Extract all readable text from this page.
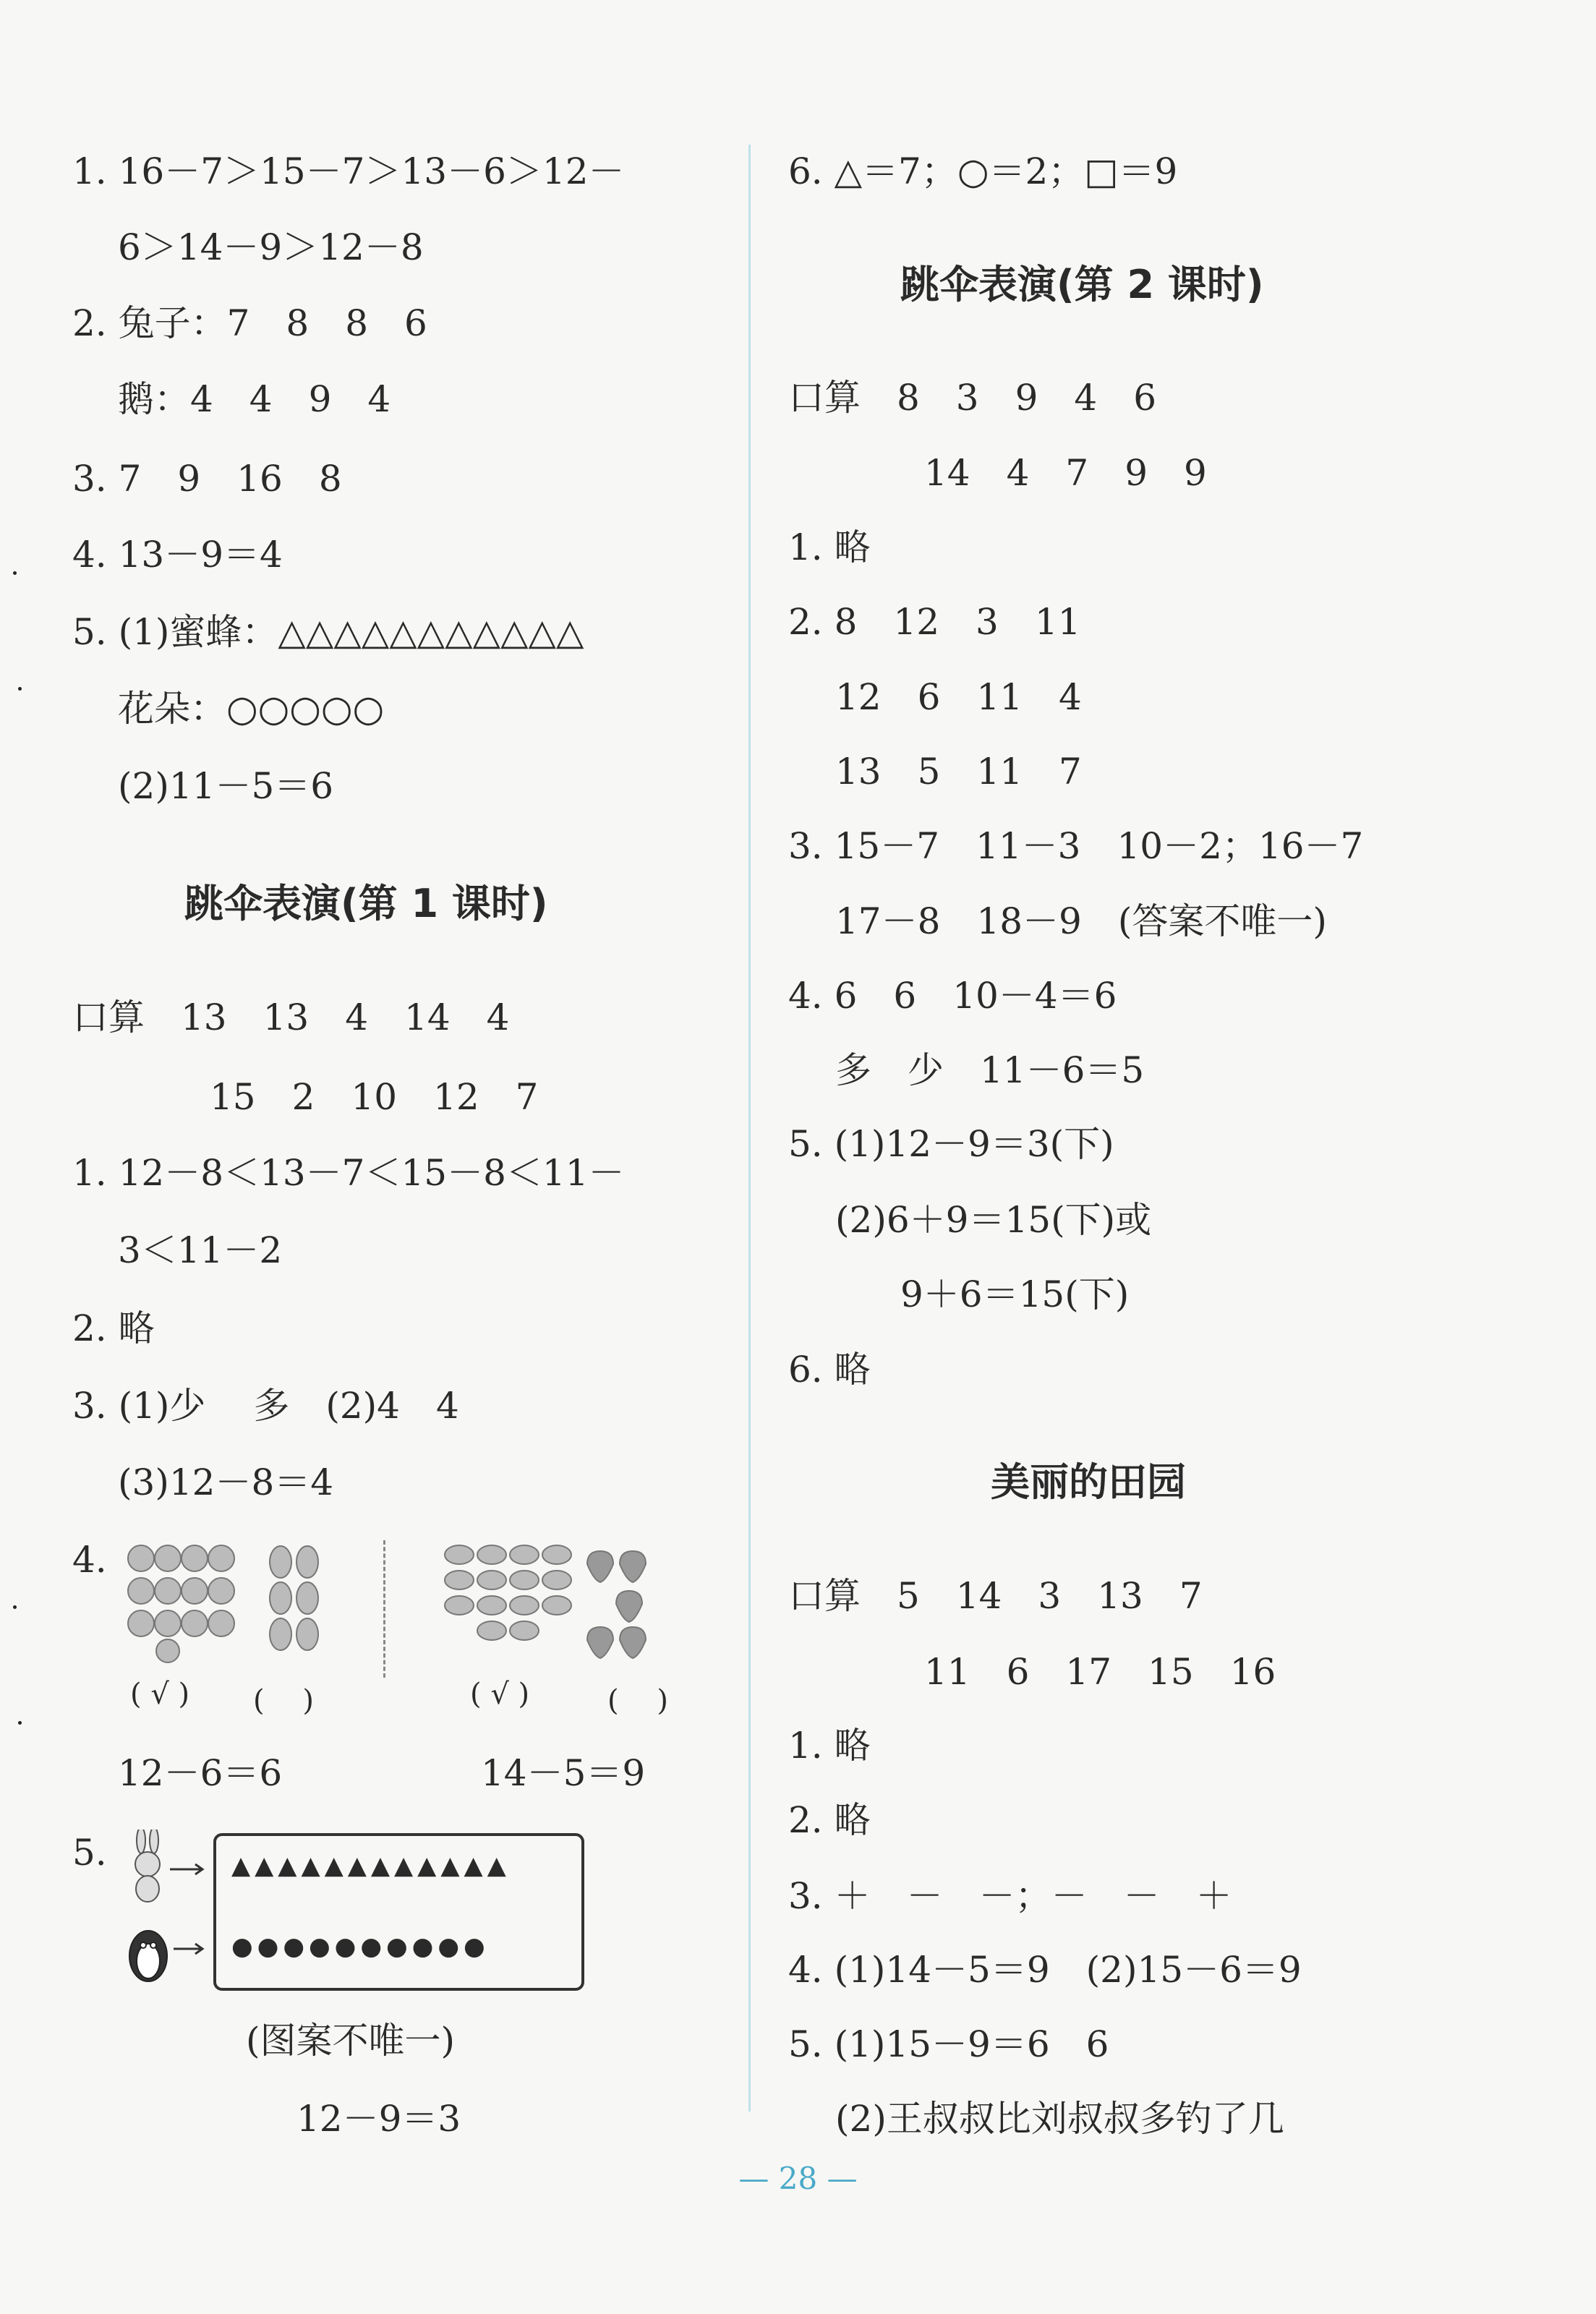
1. 16－7＞15－7＞13－6＞12－
6＞14－9＞12－8
2. 兔子：7　8　8　6
鹅：4　4　9　4
3. 7　9　16　8
4. 13－9＝4
5. (1)蜜蜂：△△△△△△△△△△△
花朵：○○○○○
(2)11－5＝6
跳伞表演(第 1 课时)
口算　13　13　4　14　4
15　2　10　12　7
1. 12－8＜13－7＜15－8＜11－
3＜11－2
2. 略
3. (1)少　 多　(2)4　4
(3)12－8＝4
4.
( √ ) (　 )	( √ )	(　 )
12－6＝6	14－5＝9
5.	▲▲▲▲▲▲▲▲▲▲▲▲
●●●●●●●●●●
(图案不唯一)
12－9＝3
6. △＝7；○＝2；□＝9
跳伞表演(第 2 课时)
口算　8　3　9　4　6
14　4　7　9　9
1. 略
2. 8　12　3　11
12　6　11　4
13　5　11　7
3. 15－7　11－3　10－2；16－7
17－8　18－9　(答案不唯一)
4. 6　6　10－4＝6
多　少　11－6＝5
5. (1)12－9＝3(下)
(2)6＋9＝15(下)或
9＋6＝15(下)
6. 略
美丽的田园
口算　5　14　3　13　7
11　6　17　15　16
1. 略
2. 略
3. ＋　－　－；－　－　＋
4. (1)14－5＝9　(2)15－6＝9
5. (1)15－9＝6　6
(2)王叔叔比刘叔叔多钓了几
— 28 —
